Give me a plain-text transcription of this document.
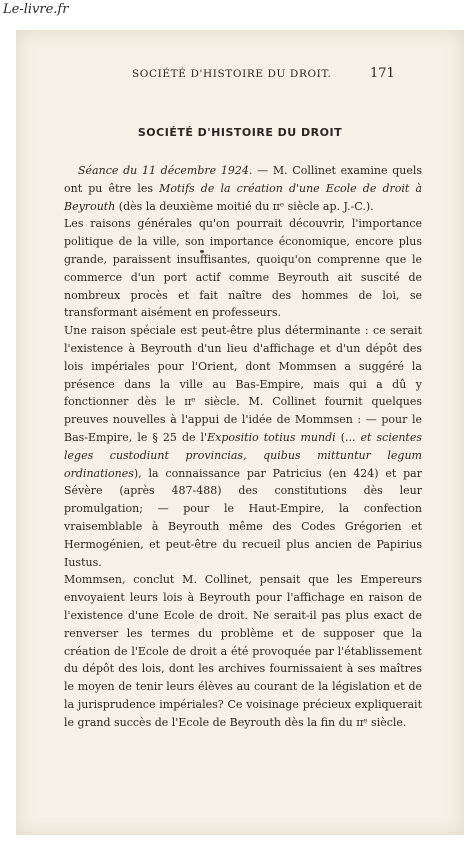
Le-livre.fr
SOCIÉTÉ D'HISTOIRE DU DROIT.	171
SOCIÉTÉ D'HISTOIRE DU DROIT

Séance du 11 décembre 1924. — M. Collinet examine quels ont pu être les Motifs de la création d'une Ecole de droit à Beyrouth (dès la deuxième moitié du ɪɪᵉ siècle ap. J.-C.).

Les raisons générales qu'on pourrait découvrir, l'importance politique de la ville, son importance économique, encore plus grande, paraissent insuffisantes, quoiqu'on comprenne que le commerce d'un port actif comme Beyrouth ait suscité de nombreux procès et fait naître des hommes de loi, se transformant aisément en professeurs.

Une raison spéciale est peut-être plus déterminante : ce serait l'existence à Beyrouth d'un lieu d'affichage et d'un dépôt des lois impériales pour l'Orient, dont Mommsen a suggéré la présence dans la ville au Bas-Empire, mais qui a dû y fonctionner dès le ɪɪᵉ siècle. M. Collinet fournit quelques preuves nouvelles à l'appui de l'idée de Mommsen : — pour le Bas-Empire, le § 25 de l'Expositio totius mundi (... et scientes leges custodiunt provincias, quibus mittuntur legum ordinationes), la connaissance par Patricius (en 424) et par Sévère (après 487-488) des constitutions dès leur promulgation; — pour le Haut-Empire, la confection vraisemblable à Beyrouth même des Codes Grégorien et Hermogénien, et peut-être du recueil plus ancien de Papirius Iustus.

Mommsen, conclut M. Collinet, pensait que les Empereurs envoyaient leurs lois à Beyrouth pour l'affichage en raison de l'existence d'une Ecole de droit. Ne serait-il pas plus exact de renverser les termes du problème et de supposer que la création de l'Ecole de droit a été provoquée par l'établissement du dépôt des lois, dont les archives fournissaient à ses maîtres le moyen de tenir leurs élèves au courant de la législation et de la jurisprudence impériales? Ce voisinage précieux expliquerait le grand succès de l'Ecole de Beyrouth dès la fin du ɪɪᵉ siècle.
